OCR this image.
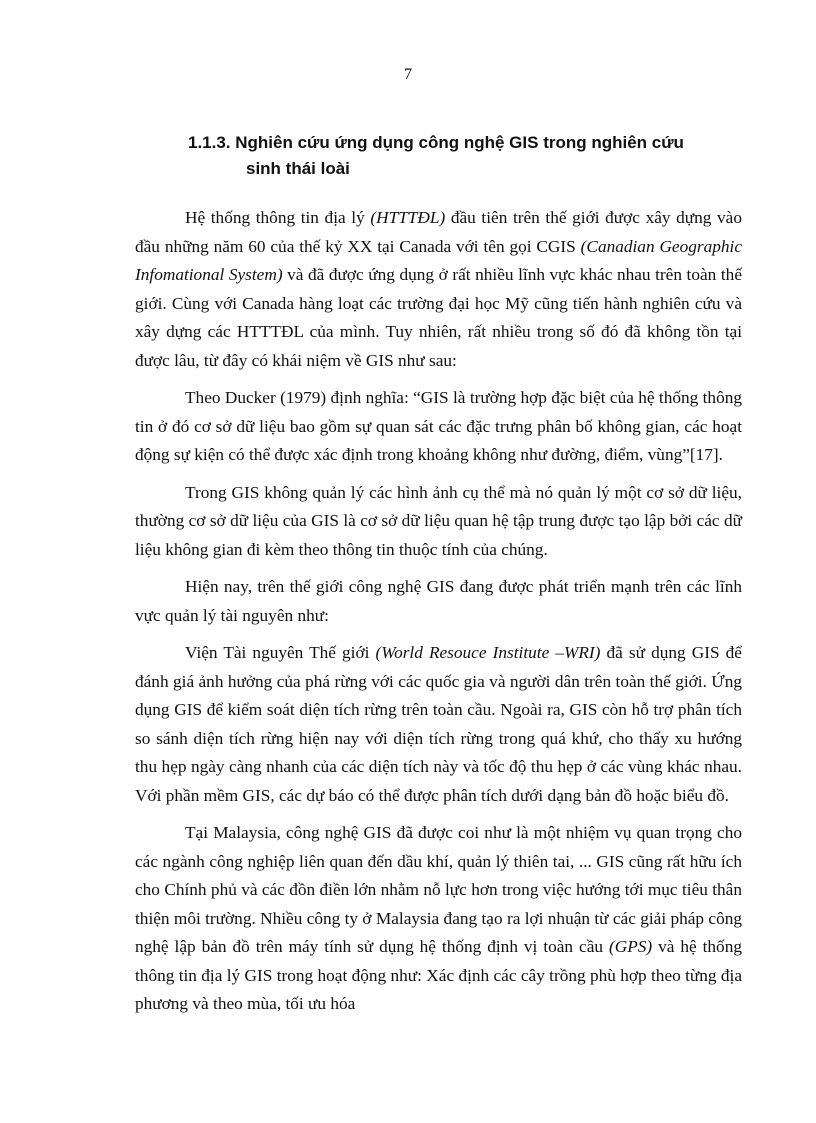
7
1.1.3. Nghiên cứu ứng dụng công nghệ GIS trong nghiên cứu
sinh thái loài

Hệ thống thông tin địa lý (HTTTĐL) đầu tiên trên thế giới được xây dựng vào đầu những năm 60 của thế kỷ XX tại Canada với tên gọi CGIS (Canadian Geographic Infomational System) và đã được ứng dụng ở rất nhiều lĩnh vực khác nhau trên toàn thế giới. Cùng với Canada hàng loạt các trường đại học Mỹ cũng tiến hành nghiên cứu và xây dựng các HTTTĐL của mình. Tuy nhiên, rất nhiều trong số đó đã không tồn tại được lâu, từ đây có khái niệm về GIS như sau:

Theo Ducker (1979) định nghĩa: “GIS là trường hợp đặc biệt của hệ thống thông tin ở đó cơ sở dữ liệu bao gồm sự quan sát các đặc trưng phân bố không gian, các hoạt động sự kiện có thể được xác định trong khoảng không như đường, điểm, vùng”[17].

Trong GIS không quản lý các hình ảnh cụ thể mà nó quản lý một cơ sở dữ liệu, thường cơ sở dữ liệu của GIS là cơ sở dữ liệu quan hệ tập trung được tạo lập bởi các dữ liệu không gian đi kèm theo thông tin thuộc tính của chúng.

Hiện nay, trên thế giới công nghệ GIS đang được phát triển mạnh trên các lĩnh vực quản lý tài nguyên như:

Viện Tài nguyên Thế giới (World Resouce Institute –WRI) đã sử dụng GIS để đánh giá ảnh hưởng của phá rừng với các quốc gia và người dân trên toàn thế giới. Ứng dụng GIS để kiểm soát diện tích rừng trên toàn cầu. Ngoài ra, GIS còn hỗ trợ phân tích so sánh diện tích rừng hiện nay với diện tích rừng trong quá khứ, cho thấy xu hướng thu hẹp ngày càng nhanh của các diện tích này và tốc độ thu hẹp ở các vùng khác nhau. Với phần mềm GIS, các dự báo có thể được phân tích dưới dạng bản đồ hoặc biểu đồ.

Tại Malaysia, công nghệ GIS đã được coi như là một nhiệm vụ quan trọng cho các ngành công nghiệp liên quan đến dầu khí, quản lý thiên tai, ... GIS cũng rất hữu ích cho Chính phủ và các đồn điền lớn nhằm nỗ lực hơn trong việc hướng tới mục tiêu thân thiện môi trường. Nhiều công ty ở Malaysia đang tạo ra lợi nhuận từ các giải pháp công nghệ lập bản đồ trên máy tính sử dụng hệ thống định vị toàn cầu (GPS) và hệ thống thông tin địa lý GIS trong hoạt động như: Xác định các cây trồng phù hợp theo từng địa phương và theo mùa, tối ưu hóa
